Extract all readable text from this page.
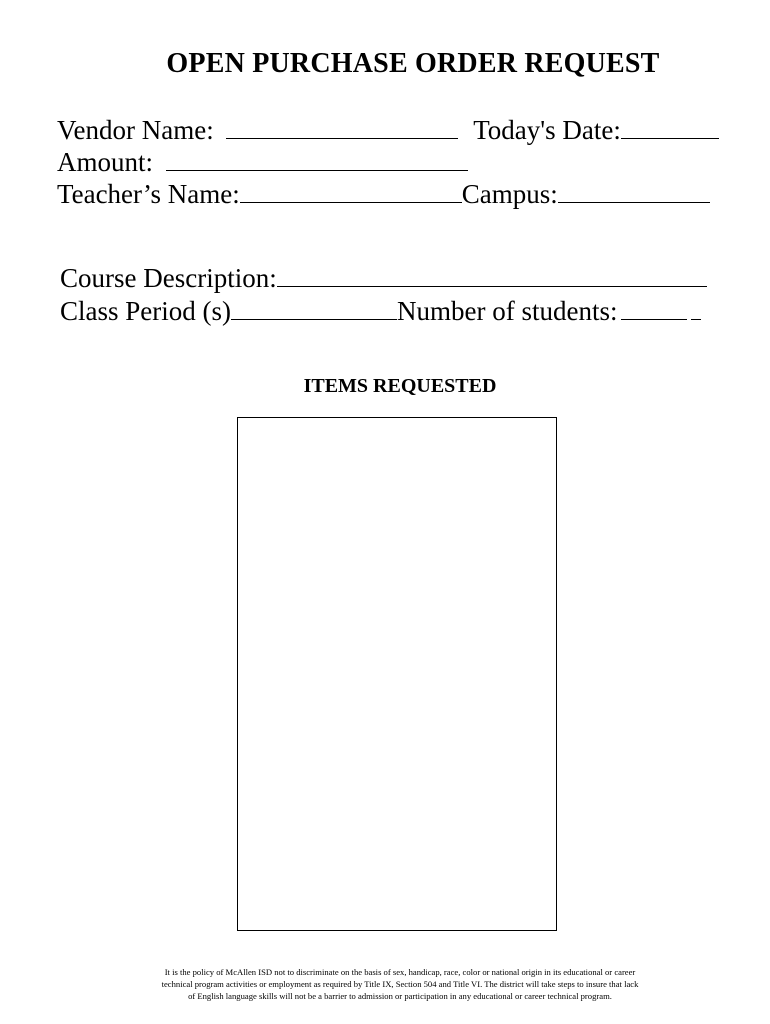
OPEN PURCHASE ORDER REQUEST
Vendor Name:	Today's Date:
Amount:
Teacher’s Name:	Campus:
Course Description:
Class Period (s)	Number of students:
ITEMS REQUESTED
It is the policy of McAllen ISD not to discriminate on the basis of sex, handicap, race, color or national origin in its educational or career
technical program activities or employment as required by Title IX, Section 504 and Title VI. The district will take steps to insure that lack
of English language skills will not be a barrier to admission or participation in any educational or career technical program.
